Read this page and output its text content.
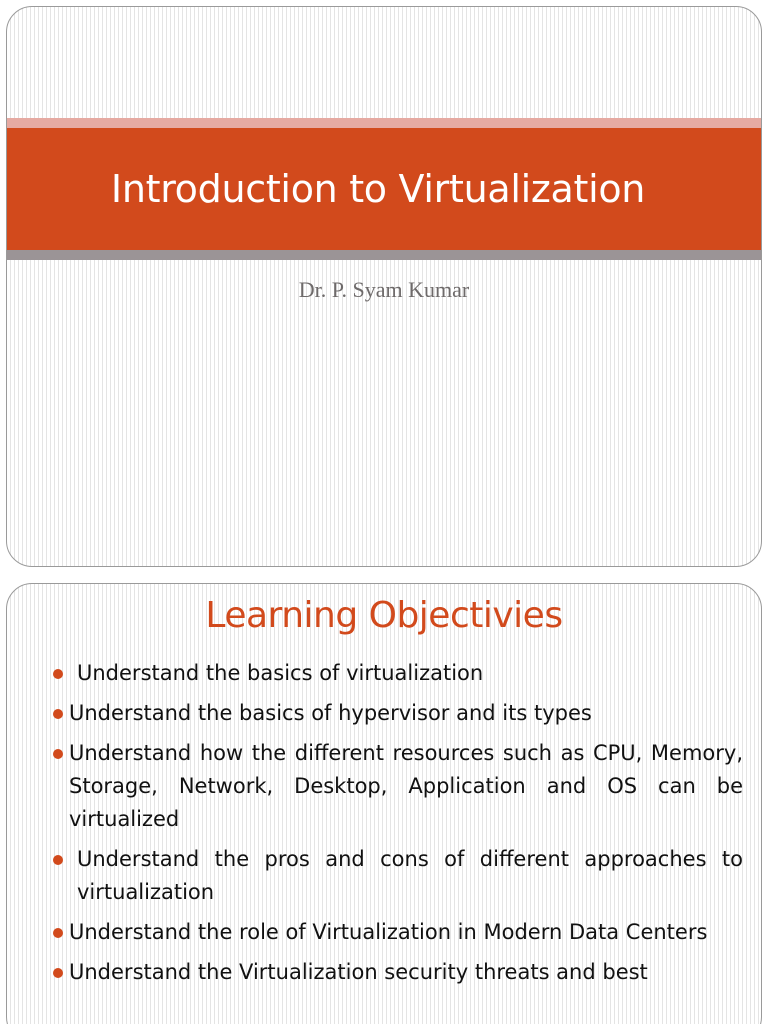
Introduction to Virtualization
Dr. P. Syam Kumar
Learning Objectivies
Understand the basics of virtualization
Understand the basics of hypervisor and its types
Understand how the different resources such as CPU, Memory, Storage, Network, Desktop, Application and OS can be virtualized
Understand the pros and cons of different approaches to virtualization
Understand the role of Virtualization in Modern Data Centers
Understand the Virtualization security threats and best
